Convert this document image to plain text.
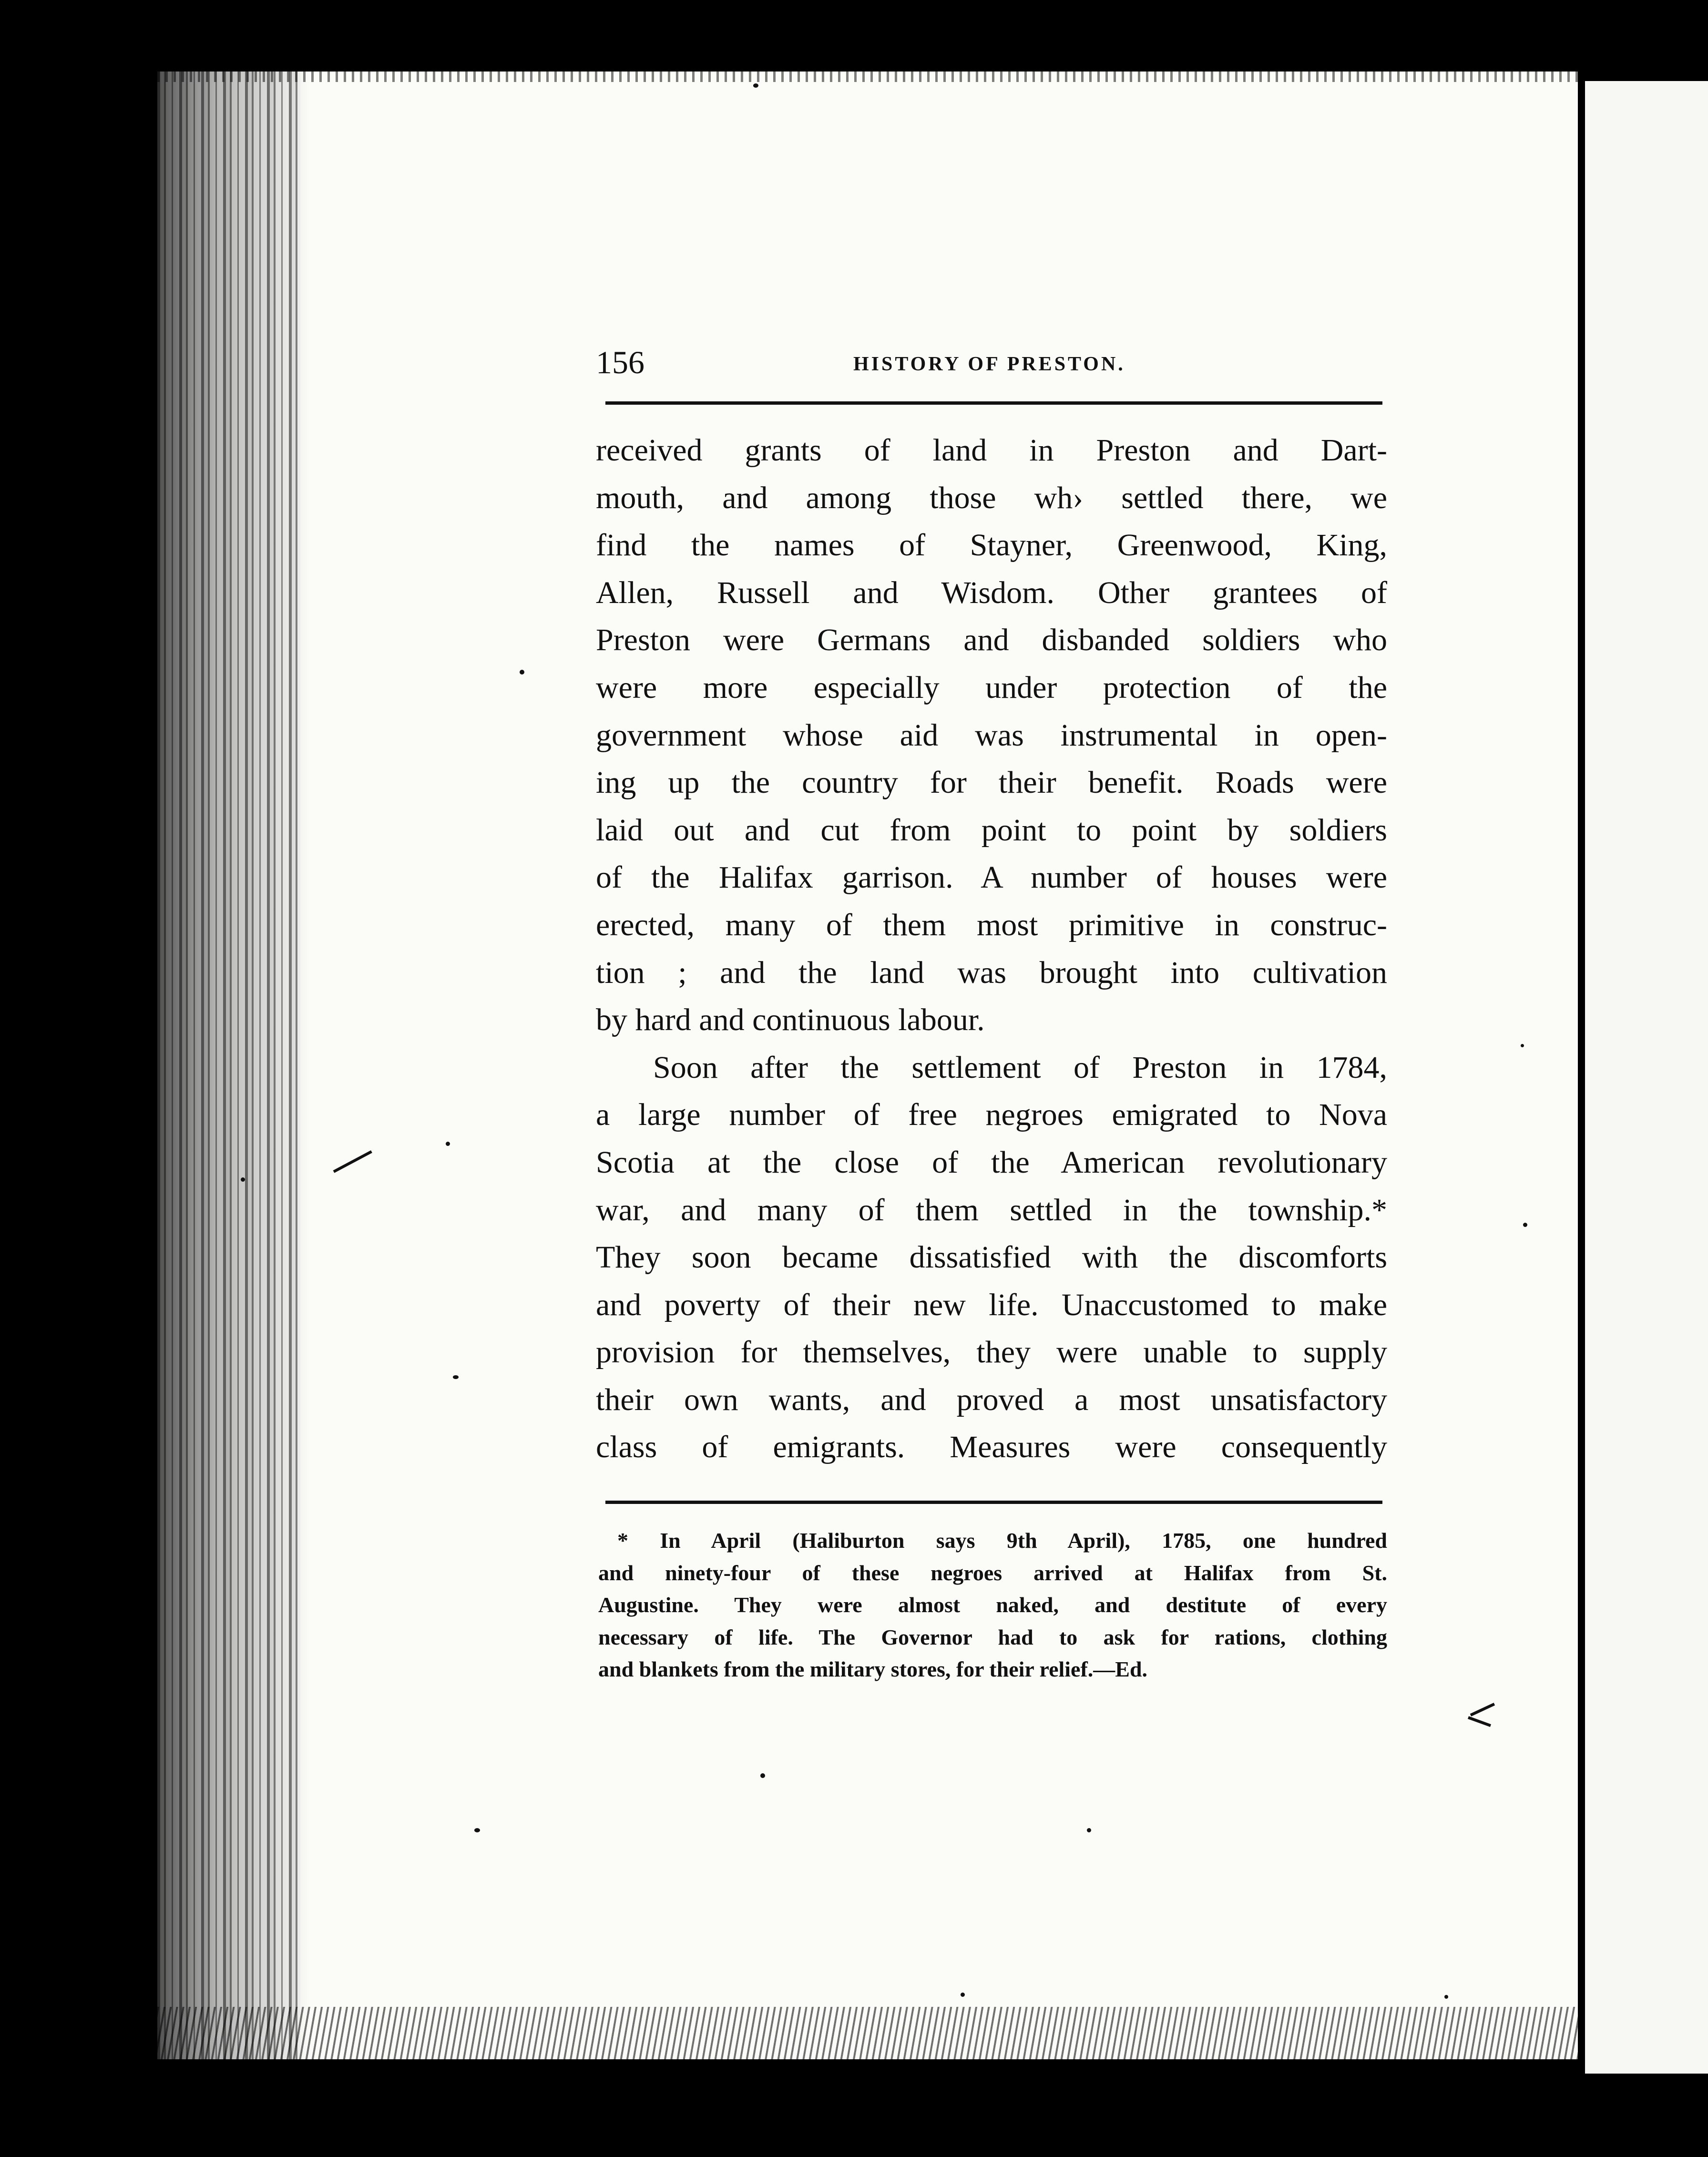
156	HISTORY OF PRESTON.
received grants of land in Preston and Dart-
mouth, and among those wh› settled there, we
find the names of Stayner, Greenwood, King,
Allen, Russell and Wisdom. Other grantees of
Preston were Germans and disbanded soldiers who
were more especially under protection of the
government whose aid was instrumental in open-
ing up the country for their benefit. Roads were
laid out and cut from point to point by soldiers
of the Halifax garrison. A number of houses were
erected, many of them most primitive in construc-
tion ; and the land was brought into cultivation
by hard and continuous labour.
Soon after the settlement of Preston in 1784,
a large number of free negroes emigrated to Nova
Scotia at the close of the American revolutionary
war, and many of them settled in the township.*
They soon became dissatisfied with the discomforts
and poverty of their new life. Unaccustomed to make
provision for themselves, they were unable to supply
their own wants, and proved a most unsatisfactory
class of emigrants. Measures were consequently
* In April (Haliburton says 9th April), 1785, one hundred
and ninety-four of these negroes arrived at Halifax from St.
Augustine. They were almost naked, and destitute of every
necessary of life. The Governor had to ask for rations, clothing
and blankets from the military stores, for their relief.—Ed.
